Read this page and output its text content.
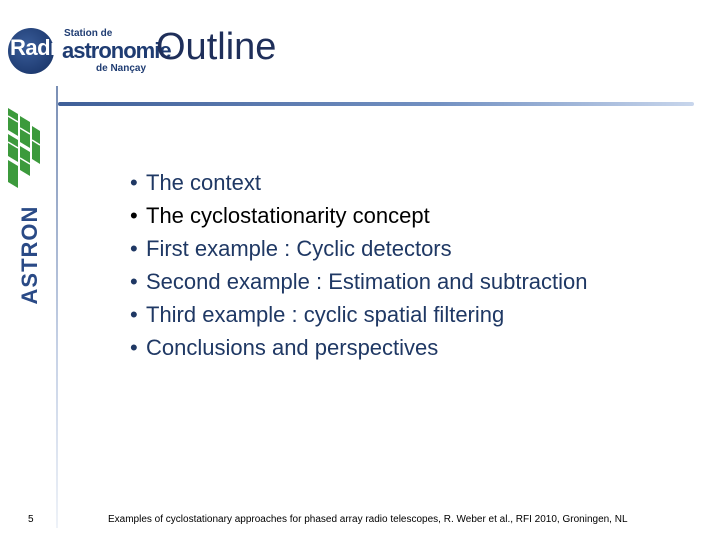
Radio
Station de
astronomie
de Nançay
Outline
ASTRON
• The context
• The cyclostationarity concept
• First example : Cyclic detectors
• Second example : Estimation and subtraction
• Third example : cyclic spatial filtering
• Conclusions and perspectives
5	Examples of cyclostationary approaches for phased array radio telescopes, R. Weber et al., RFI 2010, Groningen, NL
